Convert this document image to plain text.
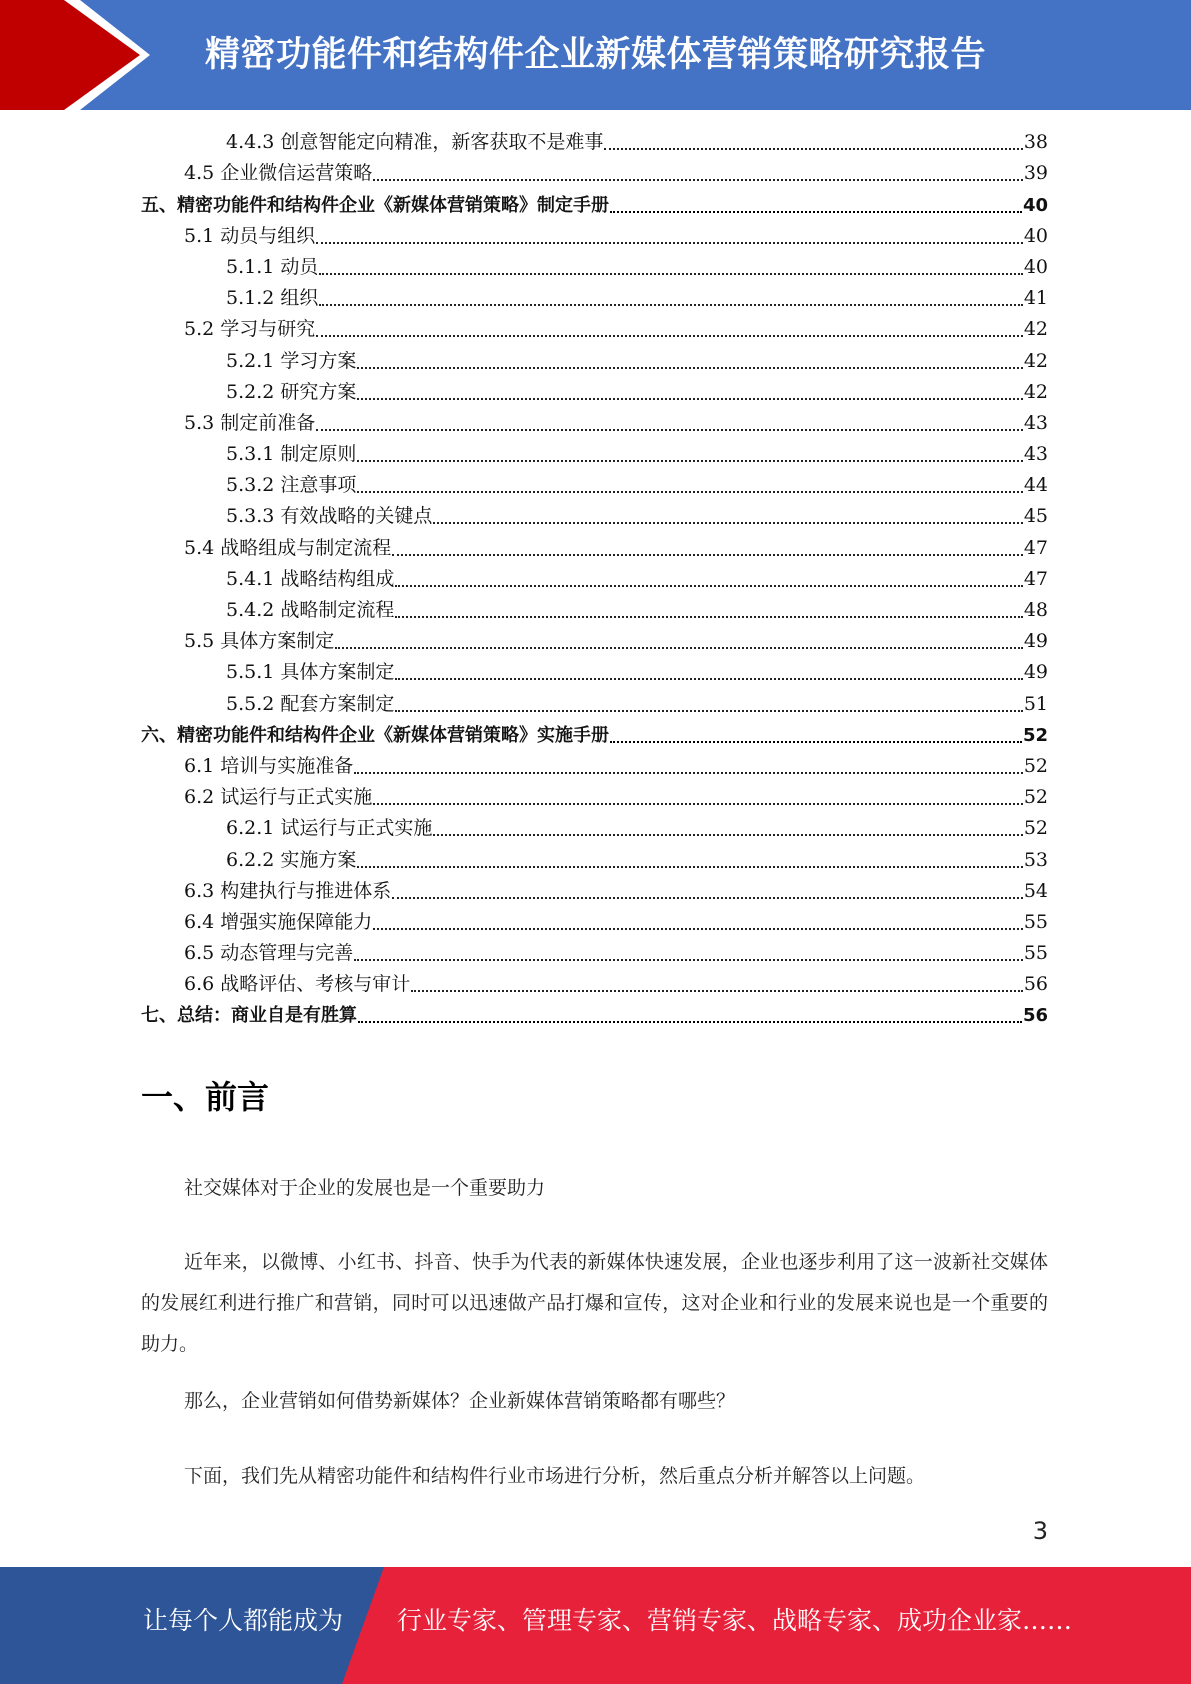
精密功能件和结构件企业新媒体营销策略研究报告
4.4.3 创意智能定向精准，新客获取不是难事	38
4.5 企业微信运营策略	39
五、精密功能件和结构件企业《新媒体营销策略》制定手册	40
5.1 动员与组织	40
5.1.1 动员	40
5.1.2 组织	41
5.2 学习与研究	42
5.2.1 学习方案	42
5.2.2 研究方案	42
5.3 制定前准备	43
5.3.1 制定原则	43
5.3.2 注意事项	44
5.3.3 有效战略的关键点	45
5.4 战略组成与制定流程	47
5.4.1 战略结构组成	47
5.4.2 战略制定流程	48
5.5 具体方案制定	49
5.5.1 具体方案制定	49
5.5.2 配套方案制定	51
六、精密功能件和结构件企业《新媒体营销策略》实施手册	52
6.1 培训与实施准备	52
6.2 试运行与正式实施	52
6.2.1 试运行与正式实施	52
6.2.2 实施方案	53
6.3 构建执行与推进体系	54
6.4 增强实施保障能力	55
6.5 动态管理与完善	55
6.6 战略评估、考核与审计	56
七、总结：商业自是有胜算	56
一、前言
社交媒体对于企业的发展也是一个重要助力
近年来，以微博、小红书、抖音、快手为代表的新媒体快速发展，企业也逐步利用了这一波新社交媒体的发展红利进行推广和营销，同时可以迅速做产品打爆和宣传，这对企业和行业的发展来说也是一个重要的助力。
那么，企业营销如何借势新媒体？企业新媒体营销策略都有哪些？
下面，我们先从精密功能件和结构件行业市场进行分析，然后重点分析并解答以上问题。
3
让每个人都能成为 行业专家、管理专家、营销专家、战略专家、成功企业家……
